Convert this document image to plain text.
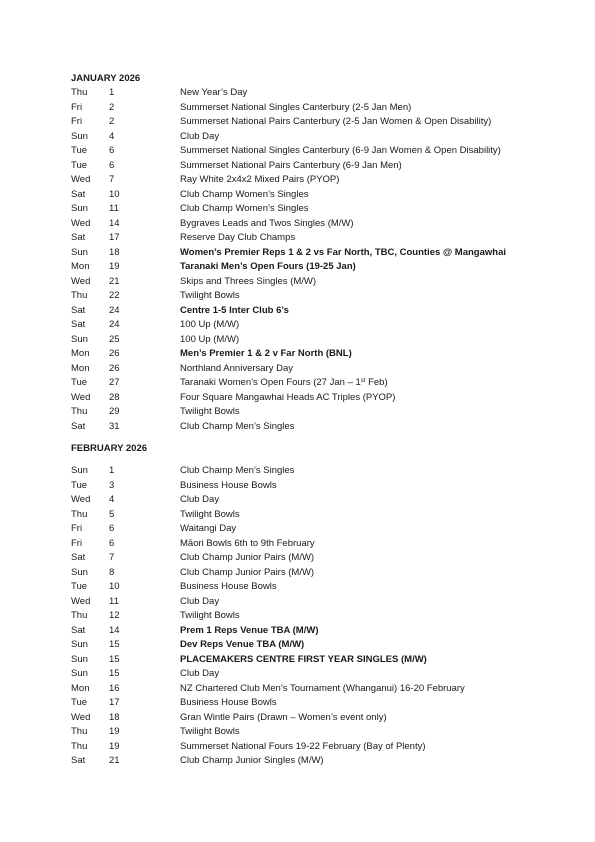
JANUARY 2026
Thu 1	New Year’s Day
Fri	2	Summerset National Singles Canterbury (2-5 Jan Men)
Fri	2	Summerset National Pairs Canterbury (2-5 Jan Women & Open Disability)
Sun 4	Club Day
Tue 6	Summerset National Singles Canterbury (6-9 Jan Women & Open Disability)
Tue 6	Summerset National Pairs Canterbury (6-9 Jan Men)
Wed 7	Ray White 2x4x2 Mixed Pairs (PYOP)
Sat 10	Club Champ Women’s Singles
Sun 11	Club Champ Women’s Singles
Wed 14	Bygraves Leads and Twos Singles (M/W)
Sat 17	Reserve Day Club Champs
Sun 18	Women’s Premier Reps 1 & 2 vs Far North, TBC, Counties @ Mangawhai
Mon 19	Taranaki Men’s Open Fours (19-25 Jan)
Wed 21	Skips and Threes Singles (M/W)
Thu 22	Twilight Bowls
Sat 24	Centre 1-5 Inter Club 6’s
Sat 24	100 Up (M/W)
Sun 25	100 Up (M/W)
Mon 26	Men’s Premier 1 & 2 v Far North (BNL)
Mon 26	Northland Anniversary Day
Tue 27	Taranaki Women’s Open Fours (27 Jan – 1st Feb)
Wed 28	Four Square Mangawhai Heads AC Triples (PYOP)
Thu 29	Twilight Bowls
Sat 31	Club Champ Men’s Singles
FEBRUARY 2026
Sun 1	Club Champ Men’s Singles
Tue 3	Business House Bowls
Wed 4	Club Day
Thu 5	Twilight Bowls
Fri	6	Waitangi Day
Fri	6	Māori Bowls 6th to 9th February
Sat 7	Club Champ Junior Pairs (M/W)
Sun 8	Club Champ Junior Pairs (M/W)
Tue 10	Business House Bowls
Wed 11	Club Day
Thu 12	Twilight Bowls
Sat 14	Prem 1 Reps Venue TBA (M/W)
Sun 15	Dev Reps Venue TBA (M/W)
Sun 15	PLACEMAKERS CENTRE FIRST YEAR SINGLES (M/W)
Sun 15	Club Day
Mon 16	NZ Chartered Club Men’s Tournament (Whanganui) 16-20 February
Tue 17	Business House Bowls
Wed 18	Gran Wintle Pairs (Drawn – Women’s event only)
Thu 19	Twilight Bowls
Thu 19	Summerset National Fours 19-22 February (Bay of Plenty)
Sat 21	Club Champ Junior Singles (M/W)
